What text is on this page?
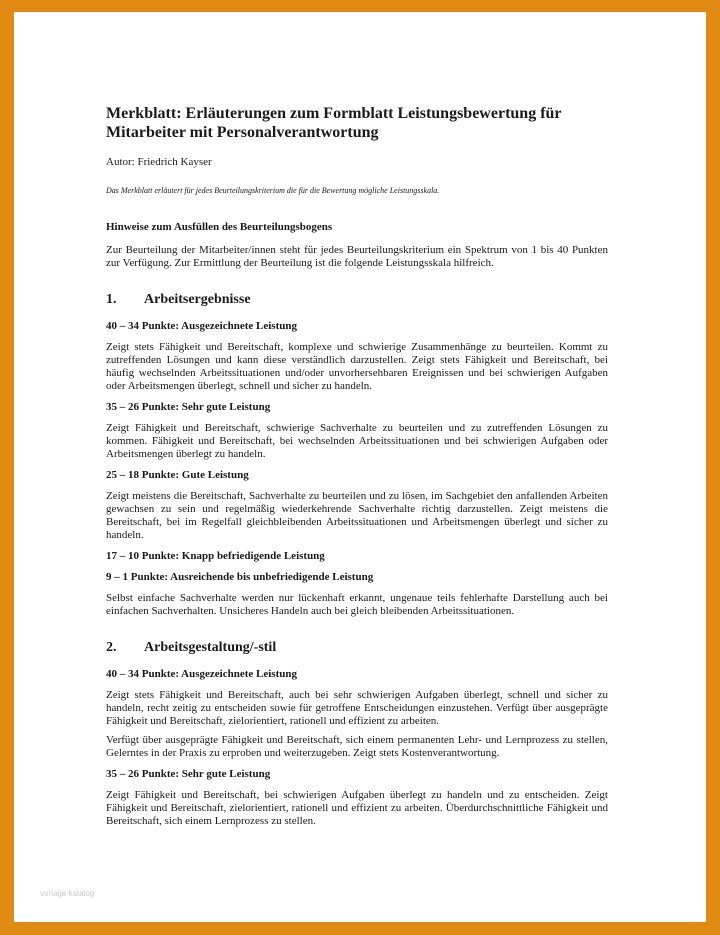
Merkblatt: Erläuterungen zum Formblatt Leistungsbewertung für Mitarbeiter mit Personalverantwortung
Autor: Friedrich Kayser
Das Merkblatt erläutert für jedes Beurteilungskriterium die für die Bewertung mögliche Leistungsskala.
Hinweise zum Ausfüllen des Beurteilungsbogens
Zur Beurteilung der Mitarbeiter/innen steht für jedes Beurteilungskriterium ein Spektrum von 1 bis 40 Punkten zur Verfügung. Zur Ermittlung der Beurteilung ist die folgende Leistungsskala hilfreich.
1.	Arbeitsergebnisse
40 – 34 Punkte: Ausgezeichnete Leistung
Zeigt stets Fähigkeit und Bereitschaft, komplexe und schwierige Zusammenhänge zu beurteilen. Kommt zu zutreffenden Lösungen und kann diese verständlich darzustellen. Zeigt stets Fähigkeit und Bereitschaft, bei häufig wechselnden Arbeitssituationen und/oder unvorhersehbaren Ereignissen und bei schwierigen Aufgaben oder Arbeitsmengen überlegt, schnell und sicher zu handeln.
35 – 26 Punkte: Sehr gute Leistung
Zeigt Fähigkeit und Bereitschaft, schwierige Sachverhalte zu beurteilen und zu zutreffenden Lösungen zu kommen. Fähigkeit und Bereitschaft, bei wechselnden Arbeitssituationen und bei schwierigen Aufgaben oder Arbeitsmengen überlegt zu handeln.
25 – 18 Punkte: Gute Leistung
Zeigt meistens die Bereitschaft, Sachverhalte zu beurteilen und zu lösen, im Sachgebiet den anfallenden Arbeiten gewachsen zu sein und regelmäßig wiederkehrende Sachverhalte richtig darzustellen. Zeigt meistens die Bereitschaft, bei im Regelfall gleichbleibenden Arbeitssituationen und Arbeitsmengen überlegt und sicher zu handeln.
17 – 10 Punkte: Knapp befriedigende Leistung
9 – 1 Punkte: Ausreichende bis unbefriedigende Leistung
Selbst einfache Sachverhalte werden nur lückenhaft erkannt, ungenaue teils fehlerhafte Darstellung auch bei einfachen Sachverhalten. Unsicheres Handeln auch bei gleich bleibenden Arbeitssituationen.
2.	Arbeitsgestaltung/-stil
40 – 34 Punkte: Ausgezeichnete Leistung
Zeigt stets Fähigkeit und Bereitschaft, auch bei sehr schwierigen Aufgaben überlegt, schnell und sicher zu handeln, recht zeitig zu entscheiden sowie für getroffene Entscheidungen einzustehen. Verfügt über ausgeprägte Fähigkeit und Bereitschaft, zielorientiert, rationell und effizient zu arbeiten.
Verfügt über ausgeprägte Fähigkeit und Bereitschaft, sich einem permanenten Lehr- und Lernprozess zu stellen, Gelerntes in der Praxis zu erproben und weiterzugeben. Zeigt stets Kostenverantwortung.
35 – 26 Punkte: Sehr gute Leistung
Zeigt Fähigkeit und Bereitschaft, bei schwierigen Aufgaben überlegt zu handeln und zu entscheiden. Zeigt Fähigkeit und Bereitschaft, zielorientiert, rationell und effizient zu arbeiten. Überdurchschnittliche Fähigkeit und Bereitschaft, sich einem Lernprozess zu stellen.
vorlage katalog
